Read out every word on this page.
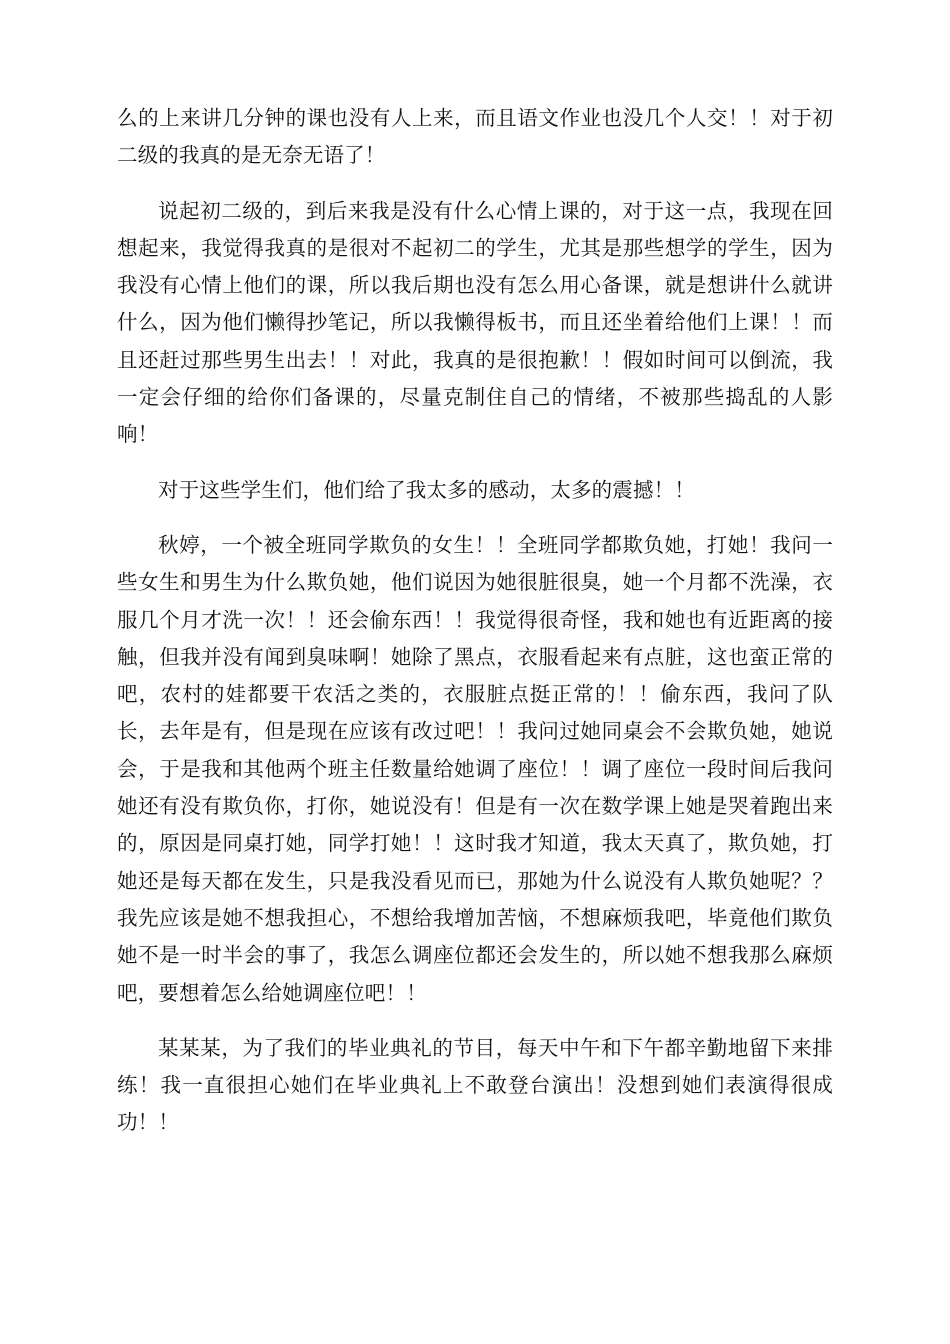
么的上来讲几分钟的课也没有人上来，而且语文作业也没几个人交！！对于初二级的我真的是无奈无语了！

说起初二级的，到后来我是没有什么心情上课的，对于这一点，我现在回想起来，我觉得我真的是很对不起初二的学生，尤其是那些想学的学生，因为我没有心情上他们的课，所以我后期也没有怎么用心备课，就是想讲什么就讲什么，因为他们懒得抄笔记，所以我懒得板书，而且还坐着给他们上课！！而且还赶过那些男生出去！！对此，我真的是很抱歉！！假如时间可以倒流，我一定会仔细的给你们备课的，尽量克制住自己的情绪，不被那些捣乱的人影响！

对于这些学生们，他们给了我太多的感动，太多的震撼！！

秋婷，一个被全班同学欺负的女生！！全班同学都欺负她，打她！我问一些女生和男生为什么欺负她，他们说因为她很脏很臭，她一个月都不洗澡，衣服几个月才洗一次！！还会偷东西！！我觉得很奇怪，我和她也有近距离的接触，但我并没有闻到臭味啊！她除了黑点，衣服看起来有点脏，这也蛮正常的吧，农村的娃都要干农活之类的，衣服脏点挺正常的！！偷东西，我问了队长，去年是有，但是现在应该有改过吧！！我问过她同桌会不会欺负她，她说会，于是我和其他两个班主任数量给她调了座位！！调了座位一段时间后我问她还有没有欺负你，打你，她说没有！但是有一次在数学课上她是哭着跑出来的，原因是同桌打她，同学打她！！这时我才知道，我太天真了，欺负她，打她还是每天都在发生，只是我没看见而已，那她为什么说没有人欺负她呢？？我先应该是她不想我担心，不想给我增加苦恼，不想麻烦我吧，毕竟他们欺负她不是一时半会的事了，我怎么调座位都还会发生的，所以她不想我那么麻烦吧，要想着怎么给她调座位吧！！

某某某，为了我们的毕业典礼的节目，每天中午和下午都辛勤地留下来排练！我一直很担心她们在毕业典礼上不敢登台演出！没想到她们表演得很成功！！
